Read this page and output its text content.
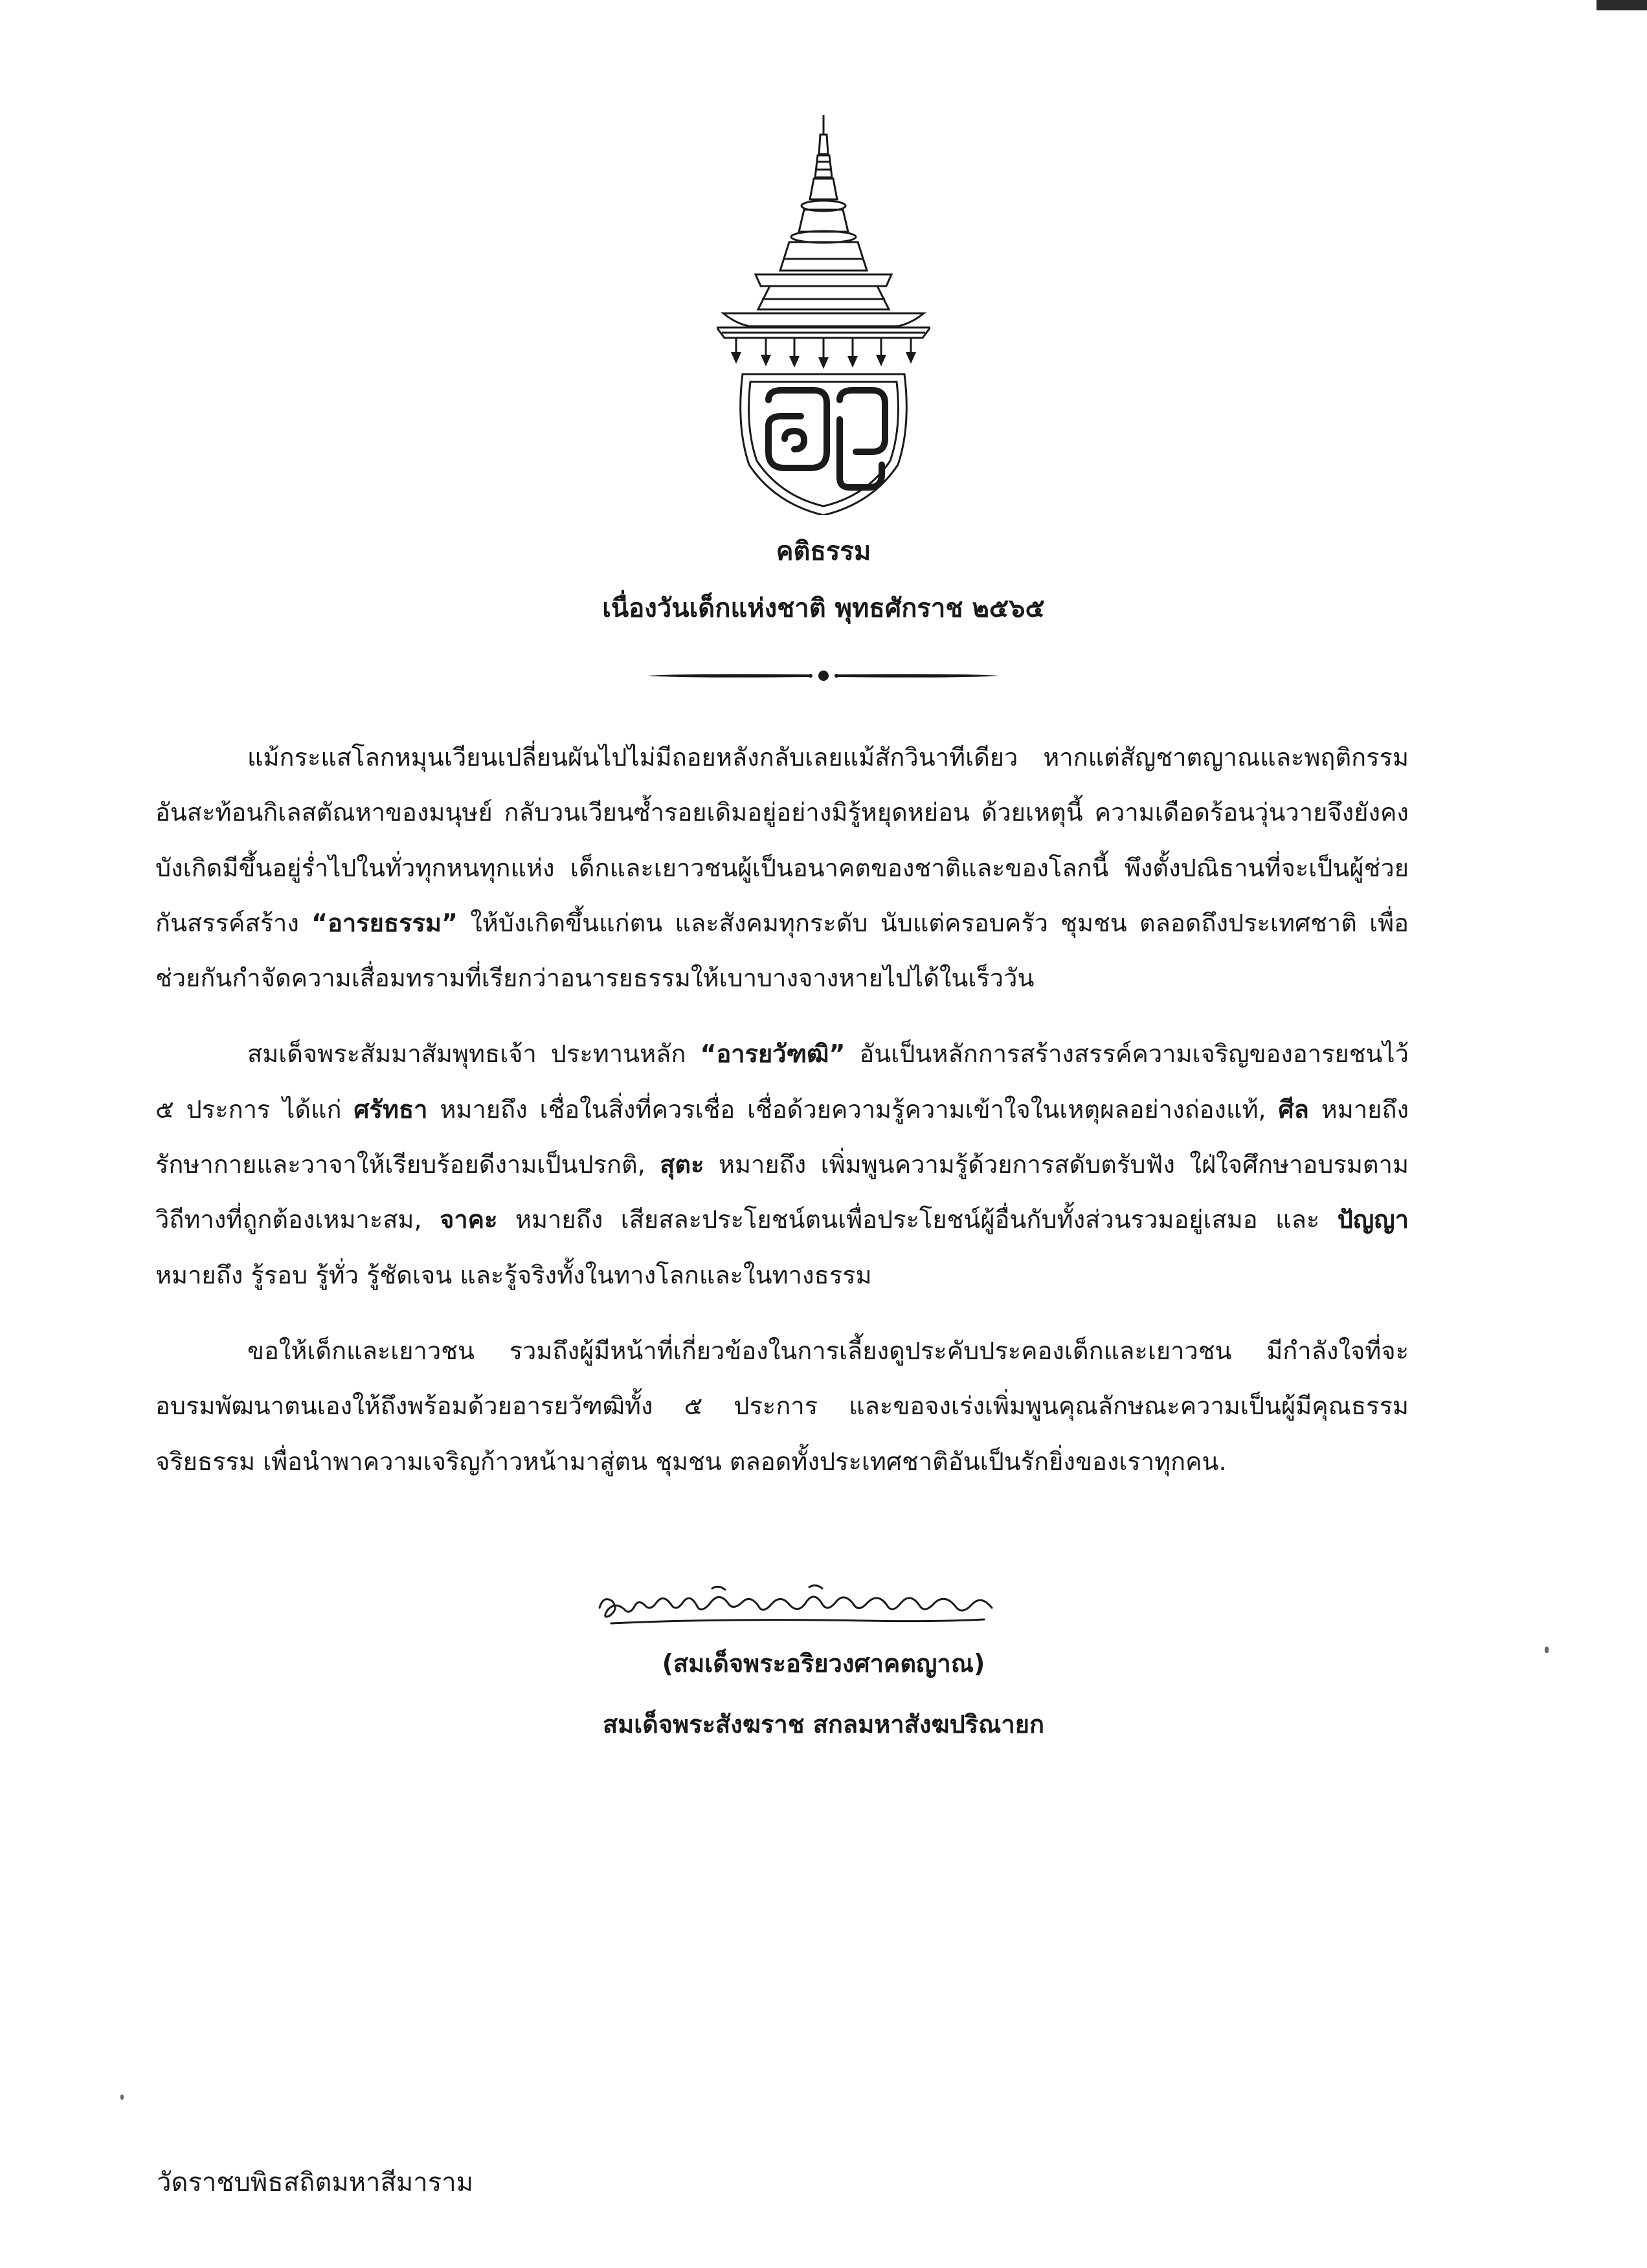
คติธรรม
เนื่องวันเด็กแห่งชาติ พุทธศักราช ๒๕๖๕

แม้กระแสโลกหมุนเวียนเปลี่ยนผันไปไม่มีถอยหลังกลับเลยแม้สักวินาทีเดียว หากแต่สัญชาตญาณและพฤติกรรมอันสะท้อนกิเลสตัณหาของมนุษย์ กลับวนเวียนซ้ำรอยเดิมอยู่อย่างมิรู้หยุดหย่อน ด้วยเหตุนี้ ความเดือดร้อนวุ่นวายจึงยังคงบังเกิดมีขึ้นอยู่ร่ำไปในทั่วทุกหนทุกแห่ง เด็กและเยาวชนผู้เป็นอนาคตของชาติและของโลกนี้ พึงตั้งปณิธานที่จะเป็นผู้ช่วยกันสรรค์สร้าง “อารยธรรม” ให้บังเกิดขึ้นแก่ตน และสังคมทุกระดับ นับแต่ครอบครัว ชุมชน ตลอดถึงประเทศชาติ เพื่อช่วยกันกำจัดความเสื่อมทรามที่เรียกว่าอนารยธรรมให้เบาบางจางหายไปได้ในเร็ววัน

สมเด็จพระสัมมาสัมพุทธเจ้า ประทานหลัก “อารยวัฑฒิ” อันเป็นหลักการสร้างสรรค์ความเจริญของอารยชนไว้ ๕ ประการ ได้แก่ ศรัทธา หมายถึง เชื่อในสิ่งที่ควรเชื่อ เชื่อด้วยความรู้ความเข้าใจในเหตุผลอย่างถ่องแท้, ศีล หมายถึง รักษากายและวาจาให้เรียบร้อยดีงามเป็นปรกติ, สุตะ หมายถึง เพิ่มพูนความรู้ด้วยการสดับตรับฟัง ใฝ่ใจศึกษาอบรมตามวิถีทางที่ถูกต้องเหมาะสม, จาคะ หมายถึง เสียสละประโยชน์ตนเพื่อประโยชน์ผู้อื่นกับทั้งส่วนรวมอยู่เสมอ และ ปัญญา หมายถึง รู้รอบ รู้ทั่ว รู้ชัดเจน และรู้จริงทั้งในทางโลกและในทางธรรม

ขอให้เด็กและเยาวชน รวมถึงผู้มีหน้าที่เกี่ยวข้องในการเลี้ยงดูประคับประคองเด็กและเยาวชน มีกำลังใจที่จะอบรมพัฒนาตนเองให้ถึงพร้อมด้วยอารยวัฑฒิทั้ง ๕ ประการ และขอจงเร่งเพิ่มพูนคุณลักษณะความเป็นผู้มีคุณธรรมจริยธรรม เพื่อนำพาความเจริญก้าวหน้ามาสู่ตน ชุมชน ตลอดทั้งประเทศชาติอันเป็นรักยิ่งของเราทุกคน.

(สมเด็จพระอริยวงศาคตญาณ)
สมเด็จพระสังฆราช สกลมหาสังฆปริณายก
วัดราชบพิธสถิตมหาสีมาราม
